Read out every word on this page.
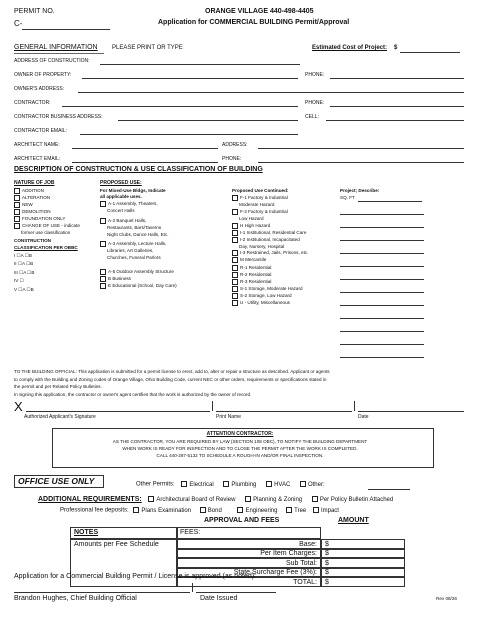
PERMIT NO.
C-
ORANGE VILLAGE 440-498-4405
Application for COMMERCIAL BUILDING Permit/Approval
GENERAL INFORMATION PLEASE PRINT OR TYPE	Estimated Cost of Project: $
ADDRESS OF CONSTRUCTION:
OWNER OF PROPERTY:	PHONE:
OWNER'S ADDRESS:
CONTRACTOR:	PHONE:
CONTRACTOR BUSINESS ADDRESS:	CELL:
CONTRACTOR EMAIL:
ARCHITECT NAME:	ADDRESS:
ARCHITECT EMAIL:	PHONE:
DESCRIPTION OF CONSTRUCTION & USE CLASSIFICATION OF BUILDING
NATURE OF JOB
ADDITION
ALTERATION
NEW
DEMOLITION
FOUNDATION ONLY
CHANGE OF USE - indicate
former use classification
CONSTRUCTION
CLASSIFICATION PER OBBC
I ☐A ☐B
II ☐A ☐B
III ☐A ☐B
IV ☐
V ☐A ☐B
PROPOSED USE:
For Mixed-Use Bldgs, Indicate
all applicable uses.
A-1 Assembly, Theaters,
Concert Halls
A-2 Banquet Halls,
Restaurants, Bars/Taverns
Night Clubs, Dance Halls, Etc.
A-3 Assembly, Lecture Halls,
Libraries, Art Galleries,
Churches, Funeral Parlors
A-5 Outdoor Assembly Structure
B Business
E Educational (School, Day Care)
Proposed Use Continued:
F-1 Factory & Industrial
Moderate Hazard
F-2 Factory & Industrial
Low Hazard
H High Hazard
I-1 Institutional, Residential Care
I-2 Institutional, Incapacitated
Day, Nursery, Hospital
I-3 Restrained, Jails, Prisons, etc.
M Mercantile
R-1 Residential
R-2 Residential
R-3 Residential
S-1 Storage, Moderate Hazard
S-2 Storage, Low Hazard
U - Utility, Miscellaneous
Project; Describe:
SQ. FT
TO THE BUILDING OFFICIAL: This application is submitted for a permit license to erect, add to, alter or repair a structure as described. Applicant or agents
to comply with the Building and Zoning codes of Orange Village, Ohio Building Code, current NEC or other orders, requirements or specifications stated in
the permit and per Related Policy Bulletins.
In signing this application, the contractor or owner's agent certifies that the work is authorized by the owner of record.
X
Authorized Applicant's Signature	Print Name	Date
ATTENTION CONTRACTOR:
AS THE CONTRACTOR, YOU ARE REQUIRED BY LAW (SECTION 108 OBC), TO NOTIFY THE BUILDING DEPARTMENT
WHEN WORK IS READY FOR INSPECTION AND TO CLOSE THE PERMIT AFTER THE WORK IS COMPLETED.
CALL 440-287-5132 TO SCHEDULE A ROUGH-IN AND/OR FINAL INSPECTION.
OFFICE USE ONLY	Other Permits: Electrical	Plumbing	HVAC	Other:
ADDITIONAL REQUIREMENTS: Architectural Board of Review	Planning & Zoning	Per Policy Bulletin Attached
Professional fee deposits: Plans Examination	Bond	Engineering	Tree Impact
APPROVAL AND FEES	AMOUNT
NOTES	FEES:
Amounts per Fee Schedule	Base: $
Per Item Charges: $
Sub Total: $
State Surcharge Fee (3%): $
TOTAL: $
Application for a Commercial Building Permit / License is approved (as noted):
Brandon Hughes, Chief Building Official	Date Issued	Rev 08/26
